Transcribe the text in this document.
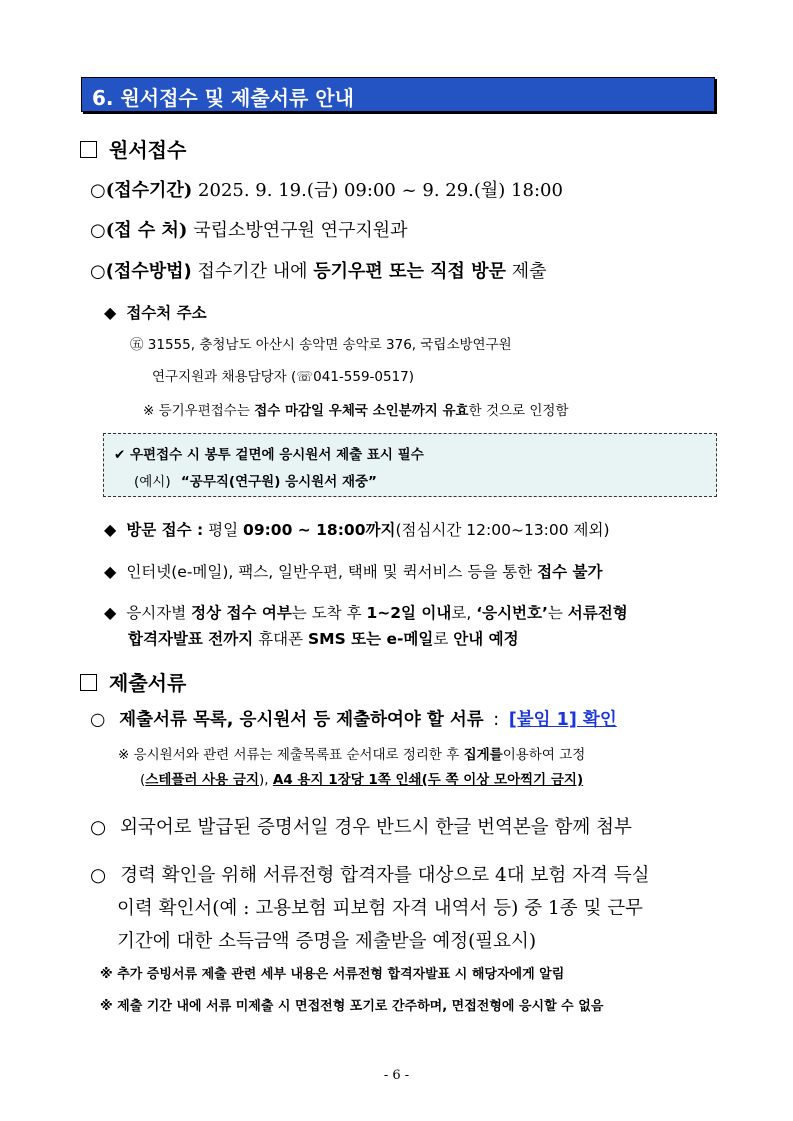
6. 원서접수 및 제출서류 안내
원서접수
○(접수기간) 2025. 9. 19.(금) 09:00 ~ 9. 29.(월) 18:00
○(접 수 처) 국립소방연구원 연구지원과
○(접수방법) 접수기간 내에 등기우편 또는 직접 방문 제출
◆ 접수처 주소
㊄ 31555, 충청남도 아산시 송악면 송악로 376, 국립소방연구원
연구지원과 채용담당자 (☏041-559-0517)
※ 등기우편접수는 접수 마감일 우체국 소인분까지 유효한 것으로 인정함
✔ 우편접수 시 봉투 겉면에 응시원서 제출 표시 필수
(예시) “공무직(연구원) 응시원서 재중”
◆ 방문 접수 : 평일 09:00 ~ 18:00까지(점심시간 12:00~13:00 제외)
◆ 인터넷(e-메일), 팩스, 일반우편, 택배 및 퀵서비스 등을 통한 접수 불가
◆ 응시자별 정상 접수 여부는 도착 후 1~2일 이내로, ‘응시번호’는 서류전형
합격자발표 전까지 휴대폰 SMS 또는 e-메일로 안내 예정
제출서류
○ 제출서류 목록, 응시원서 등 제출하여야 할 서류 : [붙임 1] 확인
※ 응시원서와 관련 서류는 제출목록표 순서대로 정리한 후 집게를이용하여 고정
(스테플러 사용 금지), A4 용지 1장당 1쪽 인쇄(두 쪽 이상 모아찍기 금지)
○ 외국어로 발급된 증명서일 경우 반드시 한글 번역본을 함께 첨부
○ 경력 확인을 위해 서류전형 합격자를 대상으로 4대 보험 자격 득실
이력 확인서(예 : 고용보험 피보험 자격 내역서 등) 중 1종 및 근무
기간에 대한 소득금액 증명을 제출받을 예정(필요시)
※ 추가 증빙서류 제출 관련 세부 내용은 서류전형 합격자발표 시 해당자에게 알림
※ 제출 기간 내에 서류 미제출 시 면접전형 포기로 간주하며, 면접전형에 응시할 수 없음
- 6 -
